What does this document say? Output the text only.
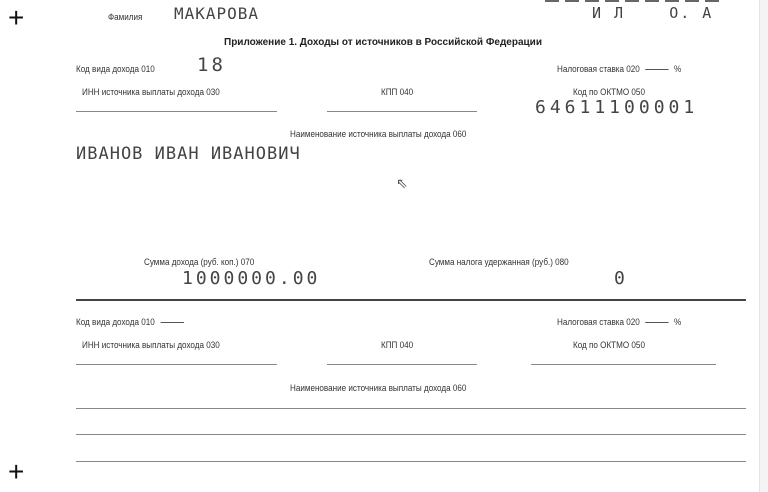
+
+
Фамилия МАКАРОВА	И Л    О. А
Приложение 1. Доходы от источников в Российской Федерации
Код вида дохода 010 18	Налоговая ставка 020	%
ИНН источника выплаты дохода 030	КПП 040	Код по ОКТМО 050
64611100001
Наименование источника выплаты дохода 060
ИВАНОВ ИВАН ИВАНОВИЧ
⇖
Сумма дохода (руб. коп.) 070
1000000.00
Сумма налога удержанная (руб.) 080
0
Код вида дохода 010	Налоговая ставка 020	%
ИНН источника выплаты дохода 030	КПП 040	Код по ОКТМО 050
Наименование источника выплаты дохода 060
